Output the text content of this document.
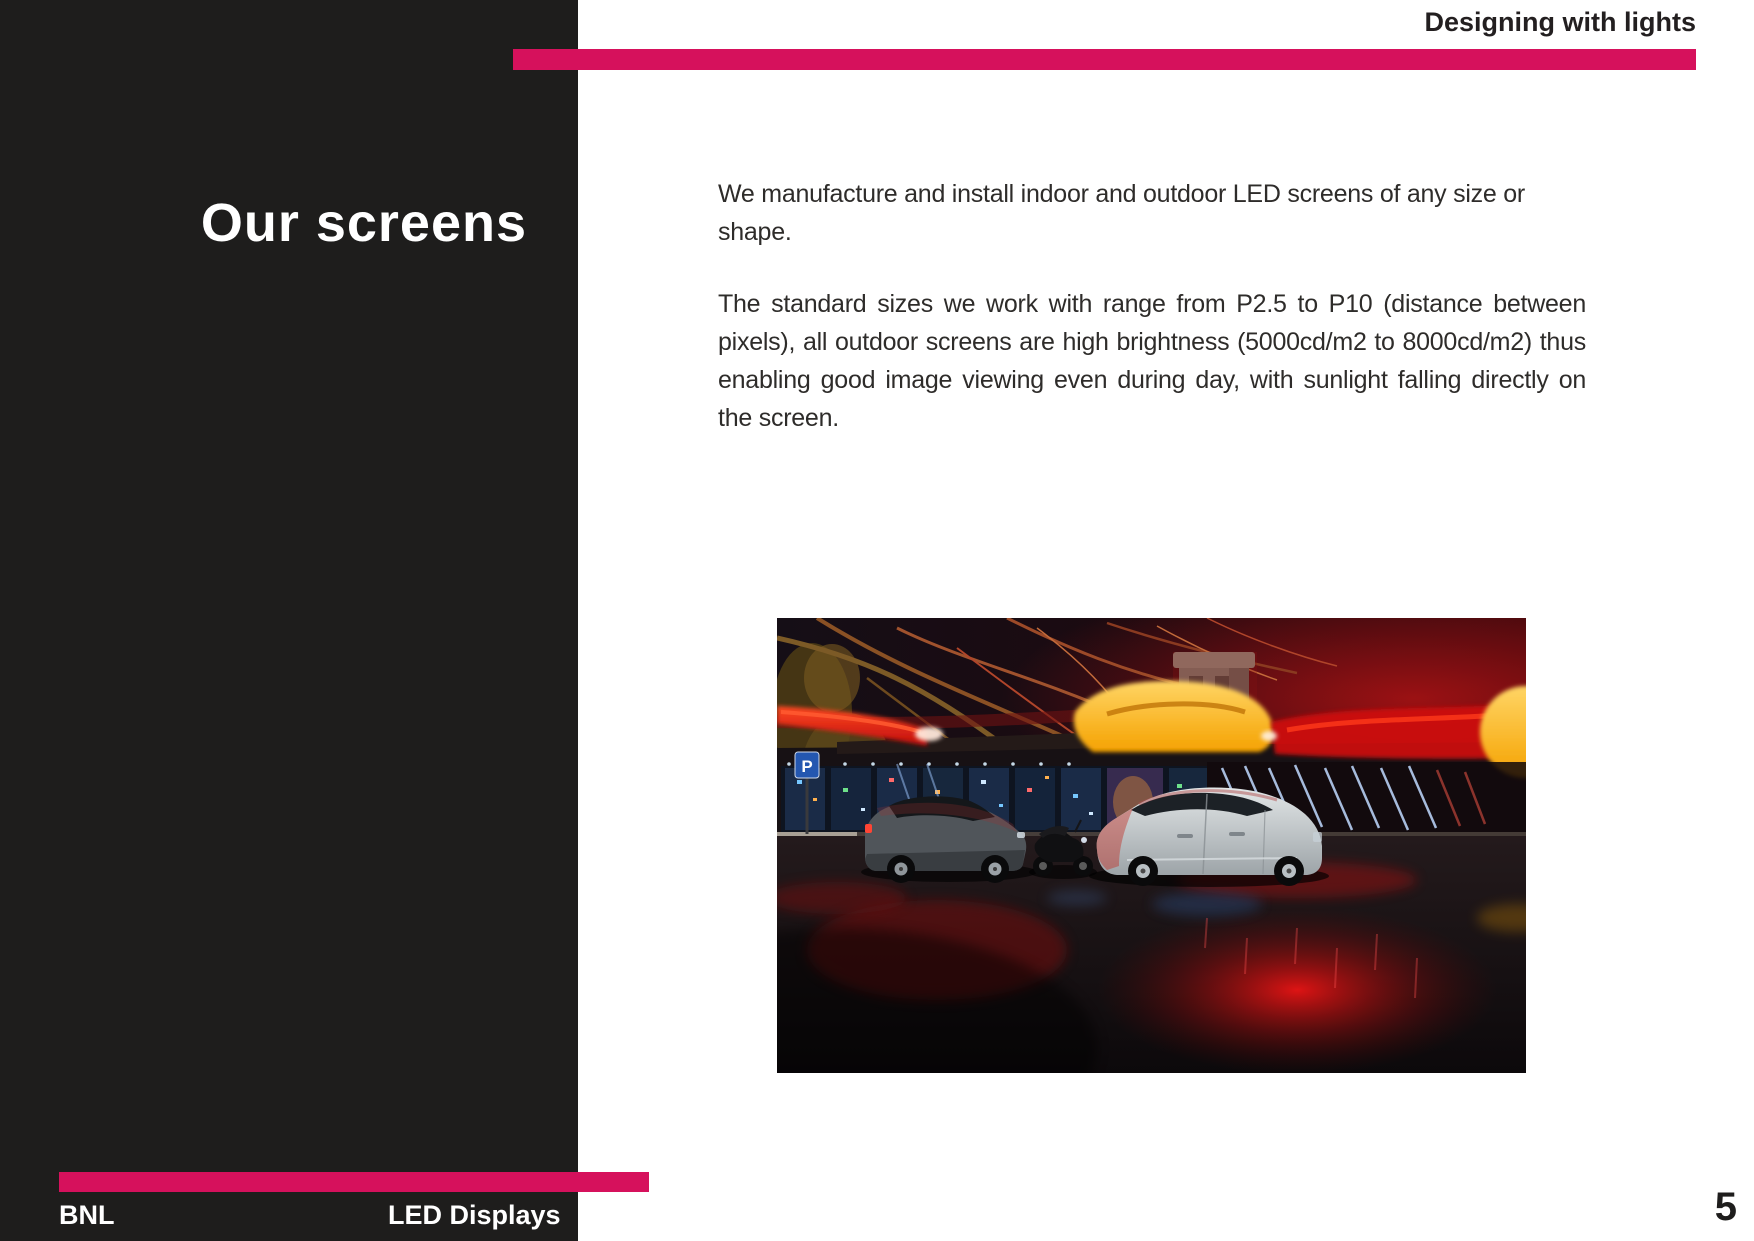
Our screens
Designing with lights

We manufacture and install indoor and outdoor LED screens of any size or shape.

The standard sizes we work with range from P2.5 to P10 (distance between pixels), all outdoor screens are high brightness (5000cd/m2 to 8000cd/m2) thus enabling good image viewing even during day, with sunlight falling directly on the screen.

P
BNL	LED Displays	5
